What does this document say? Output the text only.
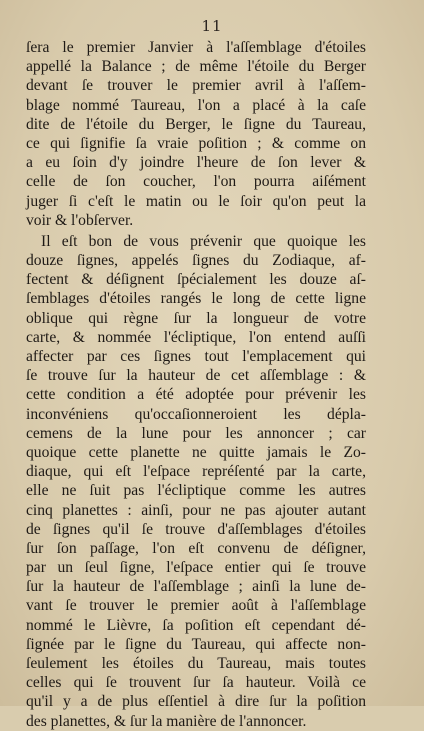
11
ſera le premier Janvier à l'aſſemblage d'étoiles
appellé la Balance ; de même l'étoile du Berger
devant ſe trouver le premier avril à l'aſſem-
blage nommé Taureau, l'on a placé à la caſe
dite de l'étoile du Berger, le ſigne du Taureau,
ce qui ſignifie ſa vraie poſition ; & comme on
a eu ſoin d'y joindre l'heure de ſon lever &
celle de ſon coucher, l'on pourra aiſément
juger ſi c'eſt le matin ou le ſoir qu'on peut la
voir & l'obſerver.
Il eſt bon de vous prévenir que quoique les
douze ſignes, appelés ſignes du Zodiaque, af-
fectent & déſignent ſpécialement les douze aſ-
ſemblages d'étoiles rangés le long de cette ligne
oblique qui règne ſur la longueur de votre
carte, & nommée l'écliptique, l'on entend auſſi
affecter par ces ſignes tout l'emplacement qui
ſe trouve ſur la hauteur de cet aſſemblage : &
cette condition a été adoptée pour prévenir les
inconvéniens qu'occaſionneroient les dépla-
cemens de la lune pour les annoncer ; car
quoique cette planette ne quitte jamais le Zo-
diaque, qui eſt l'eſpace repréſenté par la carte,
elle ne ſuit pas l'écliptique comme les autres
cinq planettes : ainſi, pour ne pas ajouter autant
de ſignes qu'il ſe trouve d'aſſemblages d'étoiles
ſur ſon paſſage, l'on eſt convenu de déſigner,
par un ſeul ſigne, l'eſpace entier qui ſe trouve
ſur la hauteur de l'aſſemblage ; ainſi la lune de-
vant ſe trouver le premier août à l'aſſemblage
nommé le Lièvre, ſa poſition eſt cependant dé-
ſignée par le ſigne du Taureau, qui affecte non-
ſeulement les étoiles du Taureau, mais toutes
celles qui ſe trouvent ſur ſa hauteur. Voilà ce
qu'il y a de plus eſſentiel à dire ſur la poſition
des planettes, & ſur la manière de l'annoncer.
